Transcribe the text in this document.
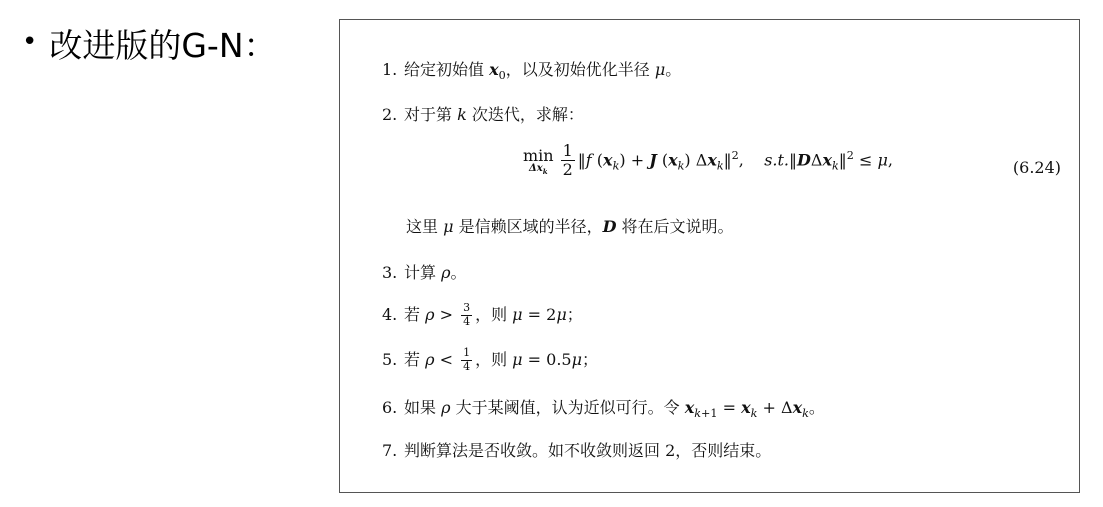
• 改进版的G-N：
1. 给定初始值 $x_0$，以及初始优化半径 μ。
2. 对于第 k 次迭代，求解：
min
$\Delta x_k \frac{1}{2}$ ‖f $(x_k) + J$ $(x_k)$ $\Delta x_k‖^2$,    s.t.‖DΔx$_k$‖$^2$ ≤ μ,	(6.24)
这里 μ 是信赖区域的半径，D 将在后文说明。
3. 计算 ρ。
4. 若 $\rho > \frac{3}{4}$ ，则 μ = 2μ；
5. 若 $\rho < \frac{1}{4}$ ，则 μ = 0.5μ；
6. 如果 ρ 大于某阈值，认为近似可行。令 $x_{k+1} = x_k + \Delta x_k$。
7. 判断算法是否收敛。如不收敛则返回 2，否则结束。
